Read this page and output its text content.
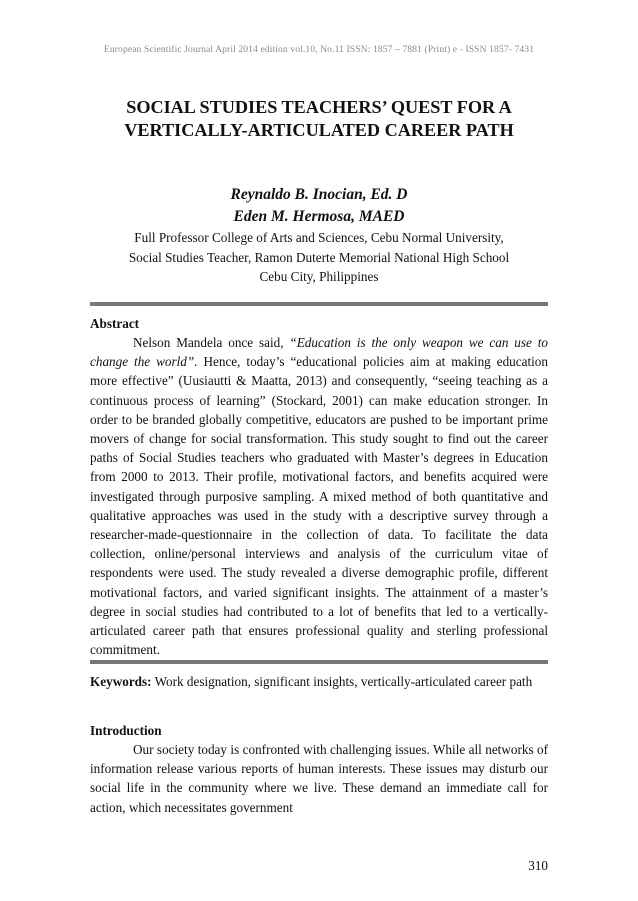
European Scientific Journal April 2014 edition vol.10, No.11 ISSN: 1857 – 7881 (Print) e - ISSN 1857- 7431
SOCIAL STUDIES TEACHERS’ QUEST FOR A
VERTICALLY-ARTICULATED CAREER PATH
Reynaldo B. Inocian, Ed. D
Eden M. Hermosa, MAED
Full Professor College of Arts and Sciences, Cebu Normal University,
Social Studies Teacher, Ramon Duterte Memorial National High School
Cebu City, Philippines
Abstract
Nelson Mandela once said, “Education is the only weapon we can use to change the world”. Hence, today’s “educational policies aim at making education more effective” (Uusiautti & Maatta, 2013) and consequently, “seeing teaching as a continuous process of learning” (Stockard, 2001) can make education stronger. In order to be branded globally competitive, educators are pushed to be important prime movers of change for social transformation. This study sought to find out the career paths of Social Studies teachers who graduated with Master’s degrees in Education from 2000 to 2013. Their profile, motivational factors, and benefits acquired were investigated through purposive sampling. A mixed method of both quantitative and qualitative approaches was used in the study with a descriptive survey through a researcher-made-questionnaire in the collection of data. To facilitate the data collection, online/personal interviews and analysis of the curriculum vitae of respondents were used. The study revealed a diverse demographic profile, different motivational factors, and varied significant insights. The attainment of a master’s degree in social studies had contributed to a lot of benefits that led to a vertically-articulated career path that ensures professional quality and sterling professional commitment.
Keywords: Work designation, significant insights, vertically-articulated career path
Introduction
Our society today is confronted with challenging issues. While all networks of information release various reports of human interests. These issues may disturb our social life in the community where we live. These demand an immediate call for action, which necessitates government
310
